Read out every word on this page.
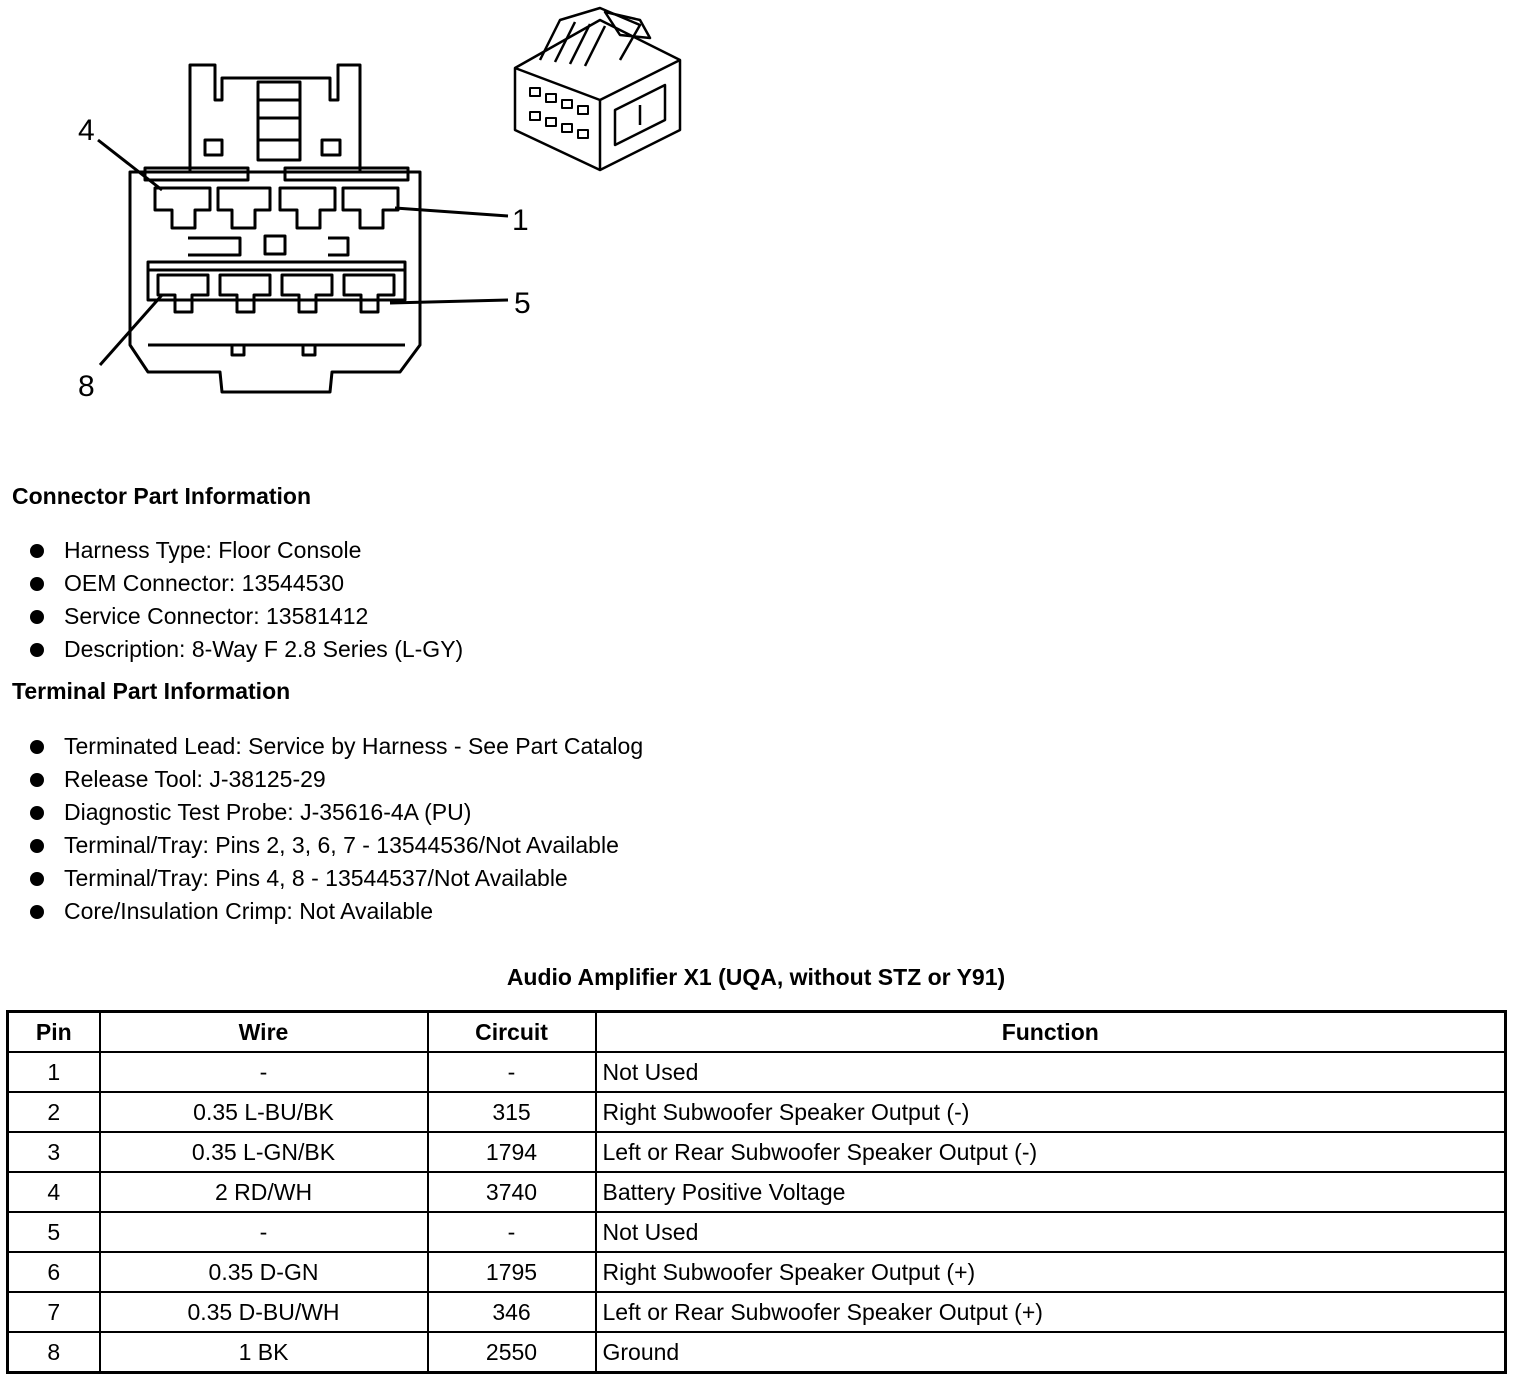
4
1
5
8
Connector Part Information
Harness Type: Floor Console
OEM Connector: 13544530
Service Connector: 13581412
Description: 8-Way F 2.8 Series (L-GY)
Terminal Part Information
Terminated Lead: Service by Harness - See Part Catalog
Release Tool: J-38125-29
Diagnostic Test Probe: J-35616-4A (PU)
Terminal/Tray: Pins 2, 3, 6, 7 - 13544536/Not Available
Terminal/Tray: Pins 4, 8 - 13544537/Not Available
Core/Insulation Crimp: Not Available
Audio Amplifier X1 (UQA, without STZ or Y91)
Pin	Wire	Circuit	Function
1	-	-	Not Used
2	0.35 L-BU/BK	315	Right Subwoofer Speaker Output (-)
3	0.35 L-GN/BK	1794	Left or Rear Subwoofer Speaker Output (-)
4	2 RD/WH	3740	Battery Positive Voltage
5	-	-	Not Used
6	0.35 D-GN	1795	Right Subwoofer Speaker Output (+)
7	0.35 D-BU/WH	346	Left or Rear Subwoofer Speaker Output (+)
8	1 BK	2550	Ground
